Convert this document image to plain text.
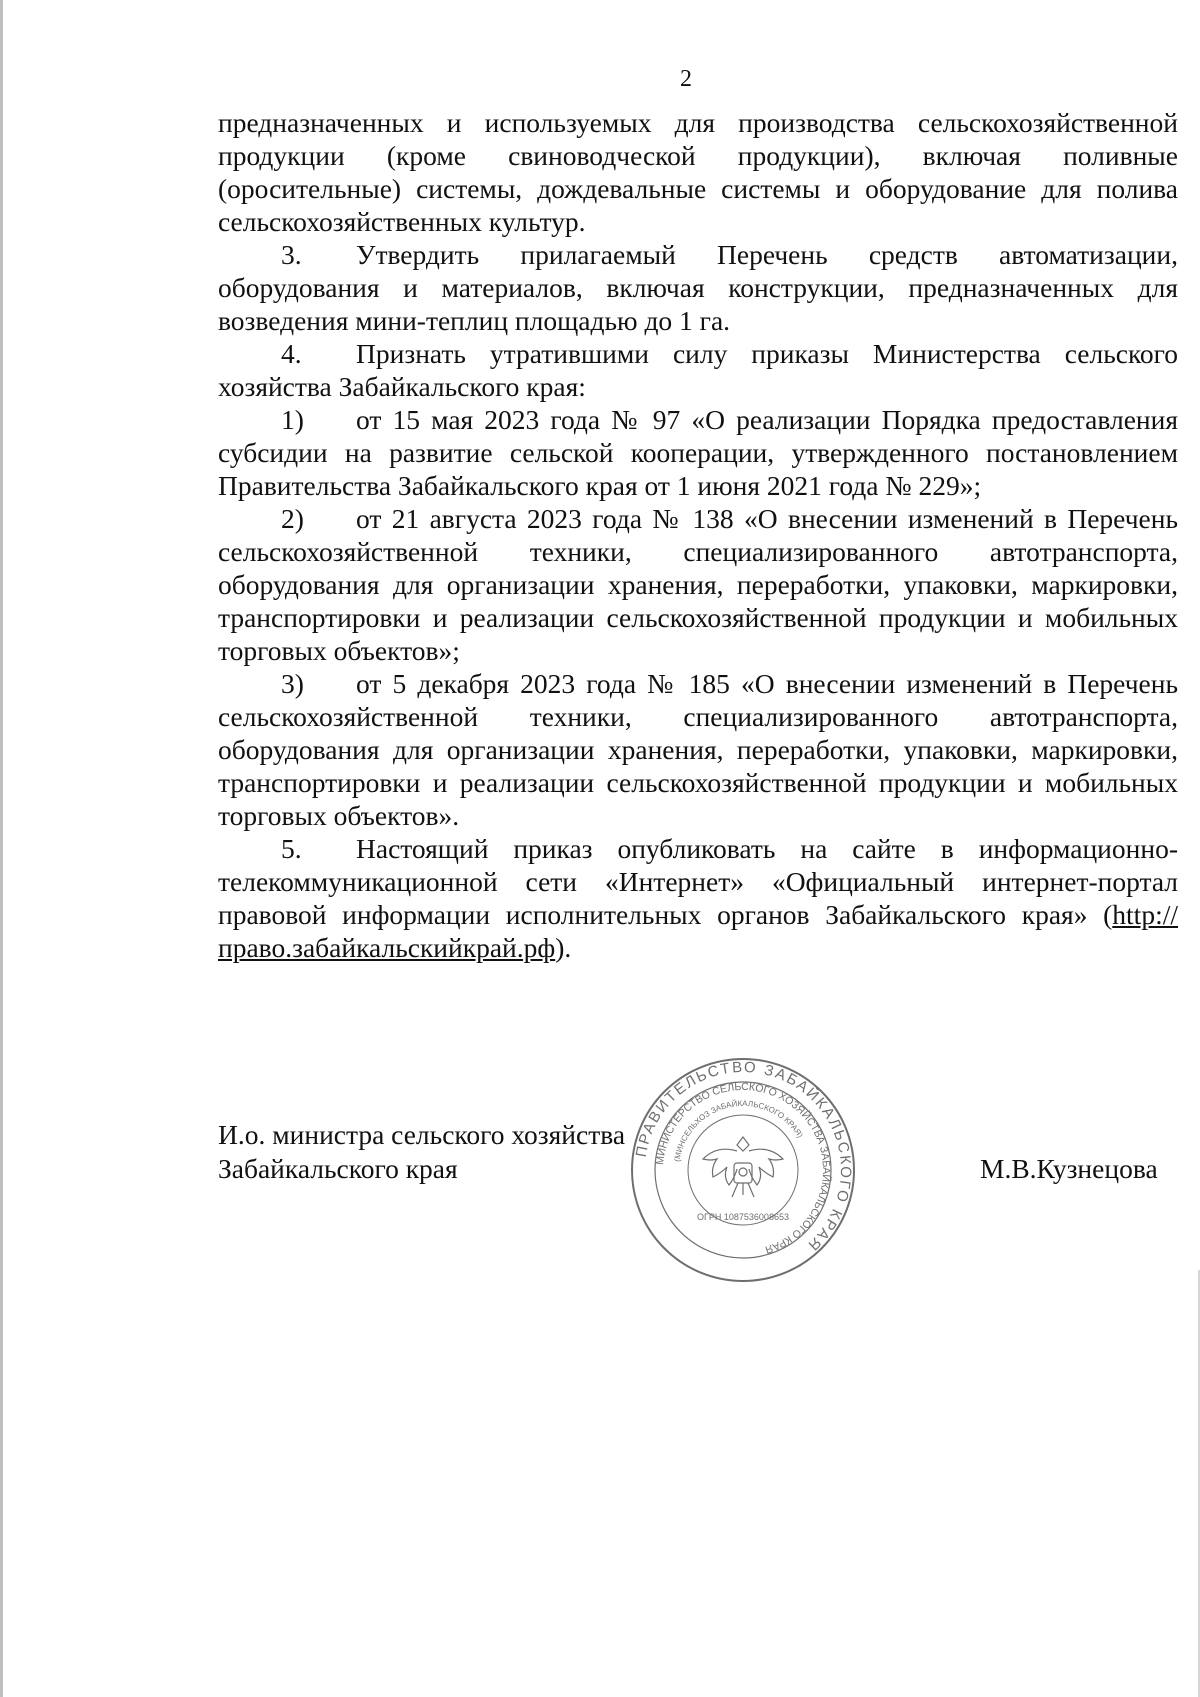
2

предназначенных и используемых для производства сельскохозяйственной продукции (кроме свиноводческой продукции), включая поливные (оросительные) системы, дождевальные системы и оборудование для полива сельскохозяйственных культур.

3. Утвердить прилагаемый Перечень средств автоматизации, оборудования и материалов, включая конструкции, предназначенных для возведения мини-теплиц площадью до 1 га.

4. Признать утратившими силу приказы Министерства сельского хозяйства Забайкальского края:

1) от 15 мая 2023 года № 97 «О реализации Порядка предоставления субсидии на развитие сельской кооперации, утвержденного постановлением Правительства Забайкальского края от 1 июня 2021 года № 229»;

2) от 21 августа 2023 года № 138 «О внесении изменений в Перечень сельскохозяйственной техники, специализированного автотранспорта, оборудования для организации хранения, переработки, упаковки, маркировки, транспортировки и реализации сельскохозяйственной продукции и мобильных торговых объектов»;

3) от 5 декабря 2023 года № 185 «О внесении изменений в Перечень сельскохозяйственной техники, специализированного автотранспорта, оборудования для организации хранения, переработки, упаковки, маркировки, транспортировки и реализации сельскохозяйственной продукции и мобильных торговых объектов».

5. Настоящий приказ опубликовать на сайте в информационно-телекоммуникационной сети «Интернет» «Официальный интернет-портал правовой информации исполнительных органов Забайкальского края» (http://право.забайкальскийкрай.рф).

И.о. министра сельского хозяйства
Забайкальского края	М.В.Кузнецова
ПРАВИТЕЛЬСТВО ЗАБАЙКАЛЬСКОГО КРАЯ
МИНИСТЕРСТВО СЕЛЬСКОГО ХОЗЯЙСТВА ЗАБАЙКАЛЬСКОГО КРАЯ
(МИНСЕЛЬХОЗ ЗАБАЙКАЛЬСКОГО КРАЯ)
ОГРН 1087536008653
